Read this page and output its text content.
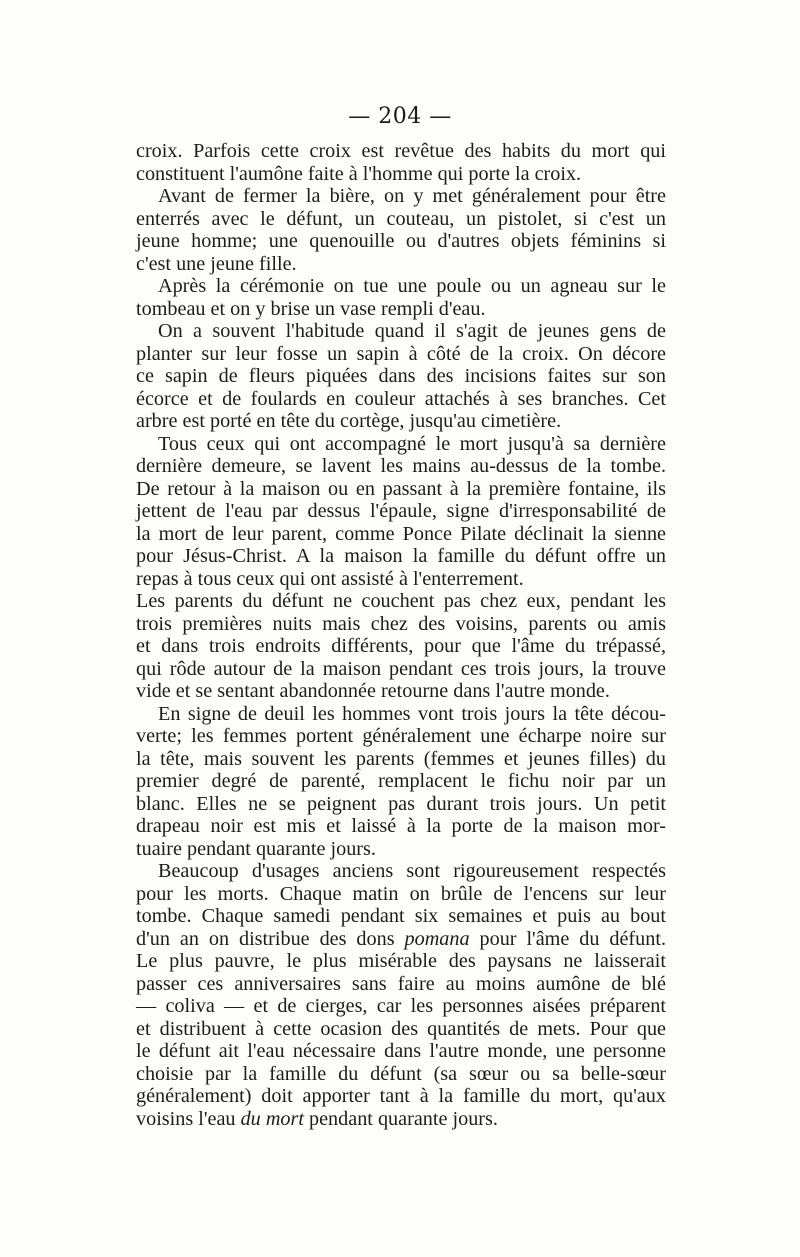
— 204 —
croix. Parfois cette croix est revêtue des habits du mort qui
constituent l'aumône faite à l'homme qui porte la croix.
Avant de fermer la bière, on y met généralement pour être
enterrés avec le défunt, un couteau, un pistolet, si c'est un
jeune homme; une quenouille ou d'autres objets féminins si
c'est une jeune fille.
Après la cérémonie on tue une poule ou un agneau sur le
tombeau et on y brise un vase rempli d'eau.
On a souvent l'habitude quand il s'agit de jeunes gens de
planter sur leur fosse un sapin à côté de la croix. On décore
ce sapin de fleurs piquées dans des incisions faites sur son
écorce et de foulards en couleur attachés à ses branches. Cet
arbre est porté en tête du cortège, jusqu'au cimetière.
Tous ceux qui ont accompagné le mort jusqu'à sa dernière
dernière demeure, se lavent les mains au-dessus de la tombe.
De retour à la maison ou en passant à la première fontaine, ils
jettent de l'eau par dessus l'épaule, signe d'irresponsabilité de
la mort de leur parent, comme Ponce Pilate déclinait la sienne
pour Jésus-Christ. A la maison la famille du défunt offre un
repas à tous ceux qui ont assisté à l'enterrement.
Les parents du défunt ne couchent pas chez eux, pendant les
trois premières nuits mais chez des voisins, parents ou amis
et dans trois endroits différents, pour que l'âme du trépassé,
qui rôde autour de la maison pendant ces trois jours, la trouve
vide et se sentant abandonnée retourne dans l'autre monde.
En signe de deuil les hommes vont trois jours la tête décou-
verte; les femmes portent généralement une écharpe noire sur
la tête, mais souvent les parents (femmes et jeunes filles) du
premier degré de parenté, remplacent le fichu noir par un
blanc. Elles ne se peignent pas durant trois jours. Un petit
drapeau noir est mis et laissé à la porte de la maison mor-
tuaire pendant quarante jours.
Beaucoup d'usages anciens sont rigoureusement respectés
pour les morts. Chaque matin on brûle de l'encens sur leur
tombe. Chaque samedi pendant six semaines et puis au bout
d'un an on distribue des dons pomana pour l'âme du défunt.
Le plus pauvre, le plus misérable des paysans ne laisserait
passer ces anniversaires sans faire au moins aumône de blé
— coliva — et de cierges, car les personnes aisées préparent
et distribuent à cette ocasion des quantités de mets. Pour que
le défunt ait l'eau nécessaire dans l'autre monde, une personne
choisie par la famille du défunt (sa sœur ou sa belle-sœur
généralement) doit apporter tant à la famille du mort, qu'aux
voisins l'eau du mort pendant quarante jours.
